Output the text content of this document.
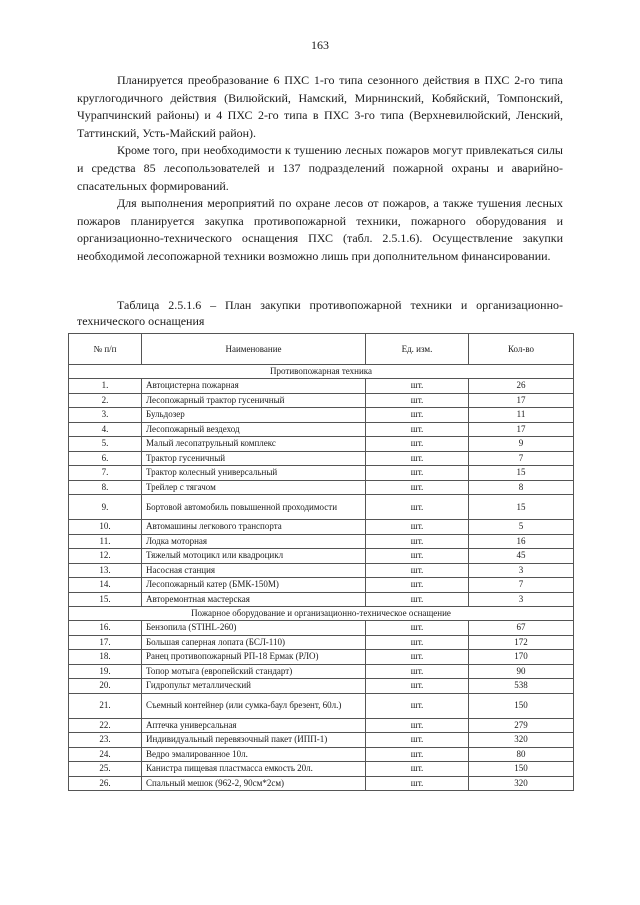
163

Планируется преобразование 6 ПХС 1-го типа сезонного действия в ПХС 2-го типа круглогодичного действия (Вилюйский, Намский, Мирнинский, Кобяйский, Томпонский, Чурапчинский районы) и 4 ПХС 2-го типа в ПХС 3-го типа (Верхневилюйский, Ленский, Таттинский, Усть-Майский район).

Кроме того, при необходимости к тушению лесных пожаров могут привлекаться силы и средства 85 лесопользователей и 137 подразделений пожарной охраны и аварийно-спасательных формирований.

Для выполнения мероприятий по охране лесов от пожаров, а также тушения лесных пожаров планируется закупка противопожарной техники, пожарного оборудования и организационно-технического оснащения ПХС (табл. 2.5.1.6). Осуществление закупки необходимой лесопожарной техники возможно лишь при дополнительном финансировании.

Таблица 2.5.1.6 – План закупки противопожарной техники и организационно-технического оснащения
№ п/п	Наименование	Ед. изм.	Кол-во
Противопожарная техника			
1.	Автоцистерна пожарная	шт.	26
2.	Лесопожарный трактор гусеничный	шт.	17
3.	Бульдозер	шт.	11
4.	Лесопожарный вездеход	шт.	17
5.	Малый лесопатрульный комплекс	шт.	9
6.	Трактор гусеничный	шт.	7
7.	Трактор колесный универсальный	шт.	15
8.	Трейлер с тягачом	шт.	8
9.	Бортовой автомобиль повышенной проходимости	шт.	15
10.	Автомашины легкового транспорта	шт.	5
11.	Лодка моторная	шт.	16
12.	Тяжелый мотоцикл или квадроцикл	шт.	45
13.	Насосная станция	шт.	3
14.	Лесопожарный катер (БМК-150М)	шт.	7
15.	Авторемонтная мастерская	шт.	3
Пожарное оборудование и организационно-техническое оснащение			
16.	Бензопила (STIHL-260)	шт.	67
17.	Большая саперная лопата (БСЛ-110)	шт.	172
18.	Ранец противопожарный РП-18 Ермак (РЛО)	шт.	170
19.	Топор мотыга (европейский стандарт)	шт.	90
20.	Гидропульт металлический	шт.	538
21.	Съемный контейнер (или сумка-баул брезент, 60л.)	шт.	150
22.	Аптечка универсальная	шт.	279
23.	Индивидуальный перевязочный пакет (ИПП-1)	шт.	320
24.	Ведро эмалированное 10л.	шт.	80
25.	Канистра пищевая пластмасса емкость 20л.	шт.	150
26.	Спальный мешок (962-2, 90см*2см)	шт.	320
